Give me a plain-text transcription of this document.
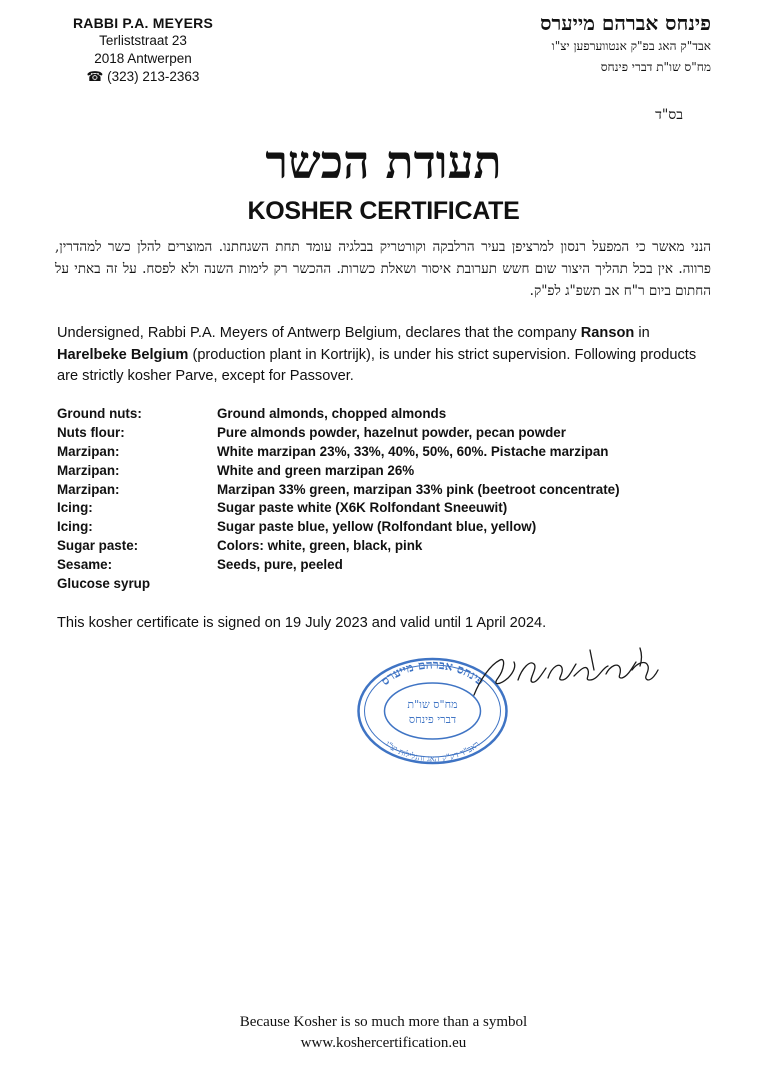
RABBI P.A. MEYERS
Terliststraat 23
2018 Antwerpen
☎ (323) 213-2363
פינחס אברהם מייערס
אבד"ק האג בפ"ק אנטווערפען יצ"ו
מח"ס שו"ת דברי פינחס
בס"ד
תעודת הכשר
KOSHER CERTIFICATE
הנני מאשר כי המפעל רנסון למרציפן בעיר הרלבקה וקורטריק בבלגיה עומד תחת השגחתנו. המוצרים להלן כשר למהדרין, פרווה. אין בכל תהליך היצור שום חשש תערובת איסור ושאלת כשרות. ההכשר רק לימות השנה ולא לפסח. על זה באתי על החתום ביום ר"ח אב תשפ"ג לפ"ק.
Undersigned, Rabbi P.A. Meyers of Antwerp Belgium, declares that the company Ranson in Harelbeke Belgium (production plant in Kortrijk), is under his strict supervision. Following products are strictly kosher Parve, except for Passover.
Ground nuts:	Ground almonds, chopped almonds
Nuts flour:	Pure almonds powder, hazelnut powder, pecan powder
Marzipan:	White marzipan 23%, 33%, 40%, 50%, 60%. Pistache marzipan
Marzipan:	White and green marzipan 26%
Marzipan:	Marzipan 33% green, marzipan 33% pink (beetroot concentrate)
Icing:	Sugar paste white (X6K Rolfondant Sneeuwit)
Icing:	Sugar paste blue, yellow (Rolfondant blue, yellow)
Sugar paste:	Colors: white, green, black, pink
Sesame:	Seeds, pure, peeled
Glucose syrup
This kosher certificate is signed on 19 July 2023 and valid until 1 April 2024.
פינחס אברהם מייערס
מח"ס שו"ת
דברי פינחס
ראב"ד דק"ק האג והגלילות יצ"ו
Because Kosher is so much more than a symbol
www.koshercertification.eu
